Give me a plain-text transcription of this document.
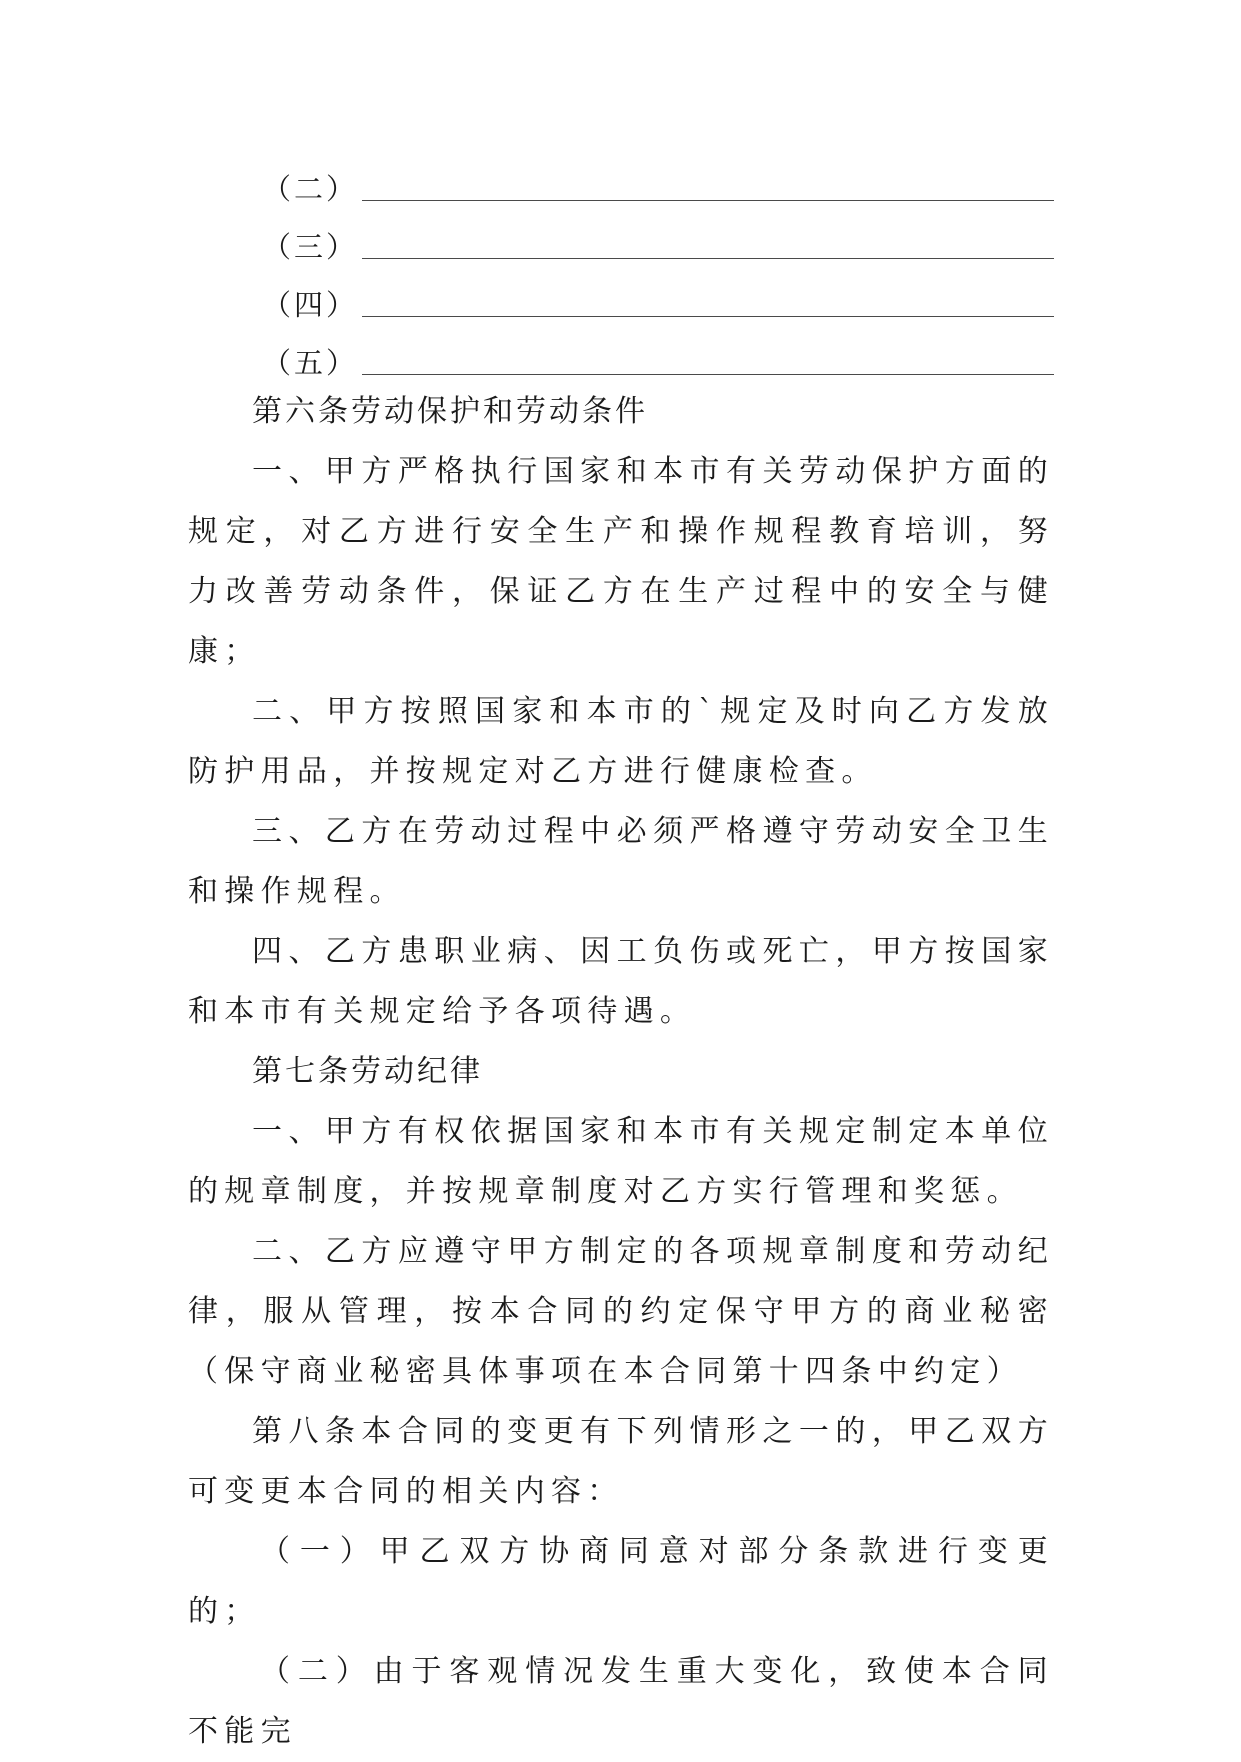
（二）
（三）
（四）
（五）

第六条劳动保护和劳动条件

一、甲方严格执行国家和本市有关劳动保护方面的规定，对乙方进行安全生产和操作规程教育培训，努力改善劳动条件，保证乙方在生产过程中的安全与健康；

二、甲方按照国家和本市的`规定及时向乙方发放防护用品，并按规定对乙方进行健康检查。

三、乙方在劳动过程中必须严格遵守劳动安全卫生和操作规程。

四、乙方患职业病、因工负伤或死亡，甲方按国家和本市有关规定给予各项待遇。

第七条劳动纪律

一、甲方有权依据国家和本市有关规定制定本单位的规章制度，并按规章制度对乙方实行管理和奖惩。

二、乙方应遵守甲方制定的各项规章制度和劳动纪律，服从管理，按本合同的约定保守甲方的商业秘密（保守商业秘密具体事项在本合同第十四条中约定）

第八条本合同的变更有下列情形之一的，甲乙双方可变更本合同的相关内容：

（一）甲乙双方协商同意对部分条款进行变更的；

（二）由于客观情况发生重大变化，致使本合同不能完
